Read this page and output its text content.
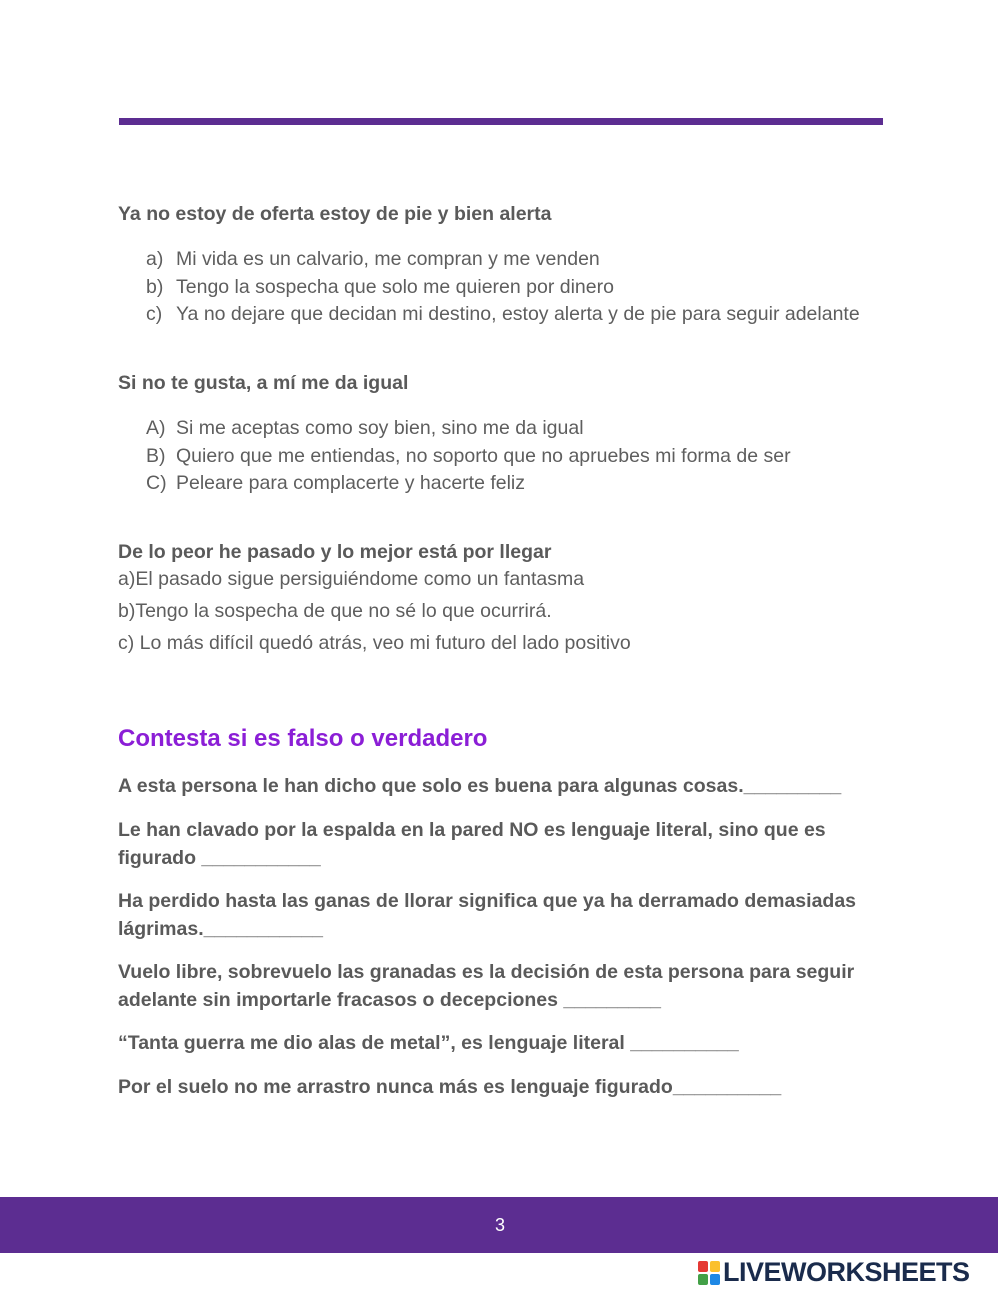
Ya no estoy de oferta estoy de pie y bien alerta
a) Mi vida es un calvario, me compran y me venden
b) Tengo la sospecha que solo me quieren por dinero
c) Ya no dejare que decidan mi destino, estoy alerta y de pie para seguir adelante
Si no te gusta, a mí me da igual
A) Si me aceptas como soy bien, sino me da igual
B) Quiero que me entiendas, no soporto que no apruebes mi forma de ser
C) Peleare para complacerte y hacerte feliz
De lo peor he pasado y lo mejor está por llegar
a)El pasado sigue persiguiéndome como un fantasma
b)Tengo la sospecha de que no sé lo que ocurrirá.
c) Lo más difícil quedó atrás, veo mi futuro del lado positivo
Contesta si es falso o verdadero
A esta persona le han dicho que solo es buena para algunas cosas._________
Le han clavado por la espalda en la pared NO es lenguaje literal, sino que es figurado ___________
Ha perdido hasta las ganas de llorar significa que ya ha derramado demasiadas lágrimas.___________
Vuelo libre, sobrevuelo las granadas es la decisión de esta persona para seguir adelante sin importarle fracasos o decepciones _________
“Tanta guerra me dio alas de metal”, es lenguaje literal __________
Por el suelo no me arrastro nunca más es lenguaje figurado__________
3
LIVEWORKSHEETS
